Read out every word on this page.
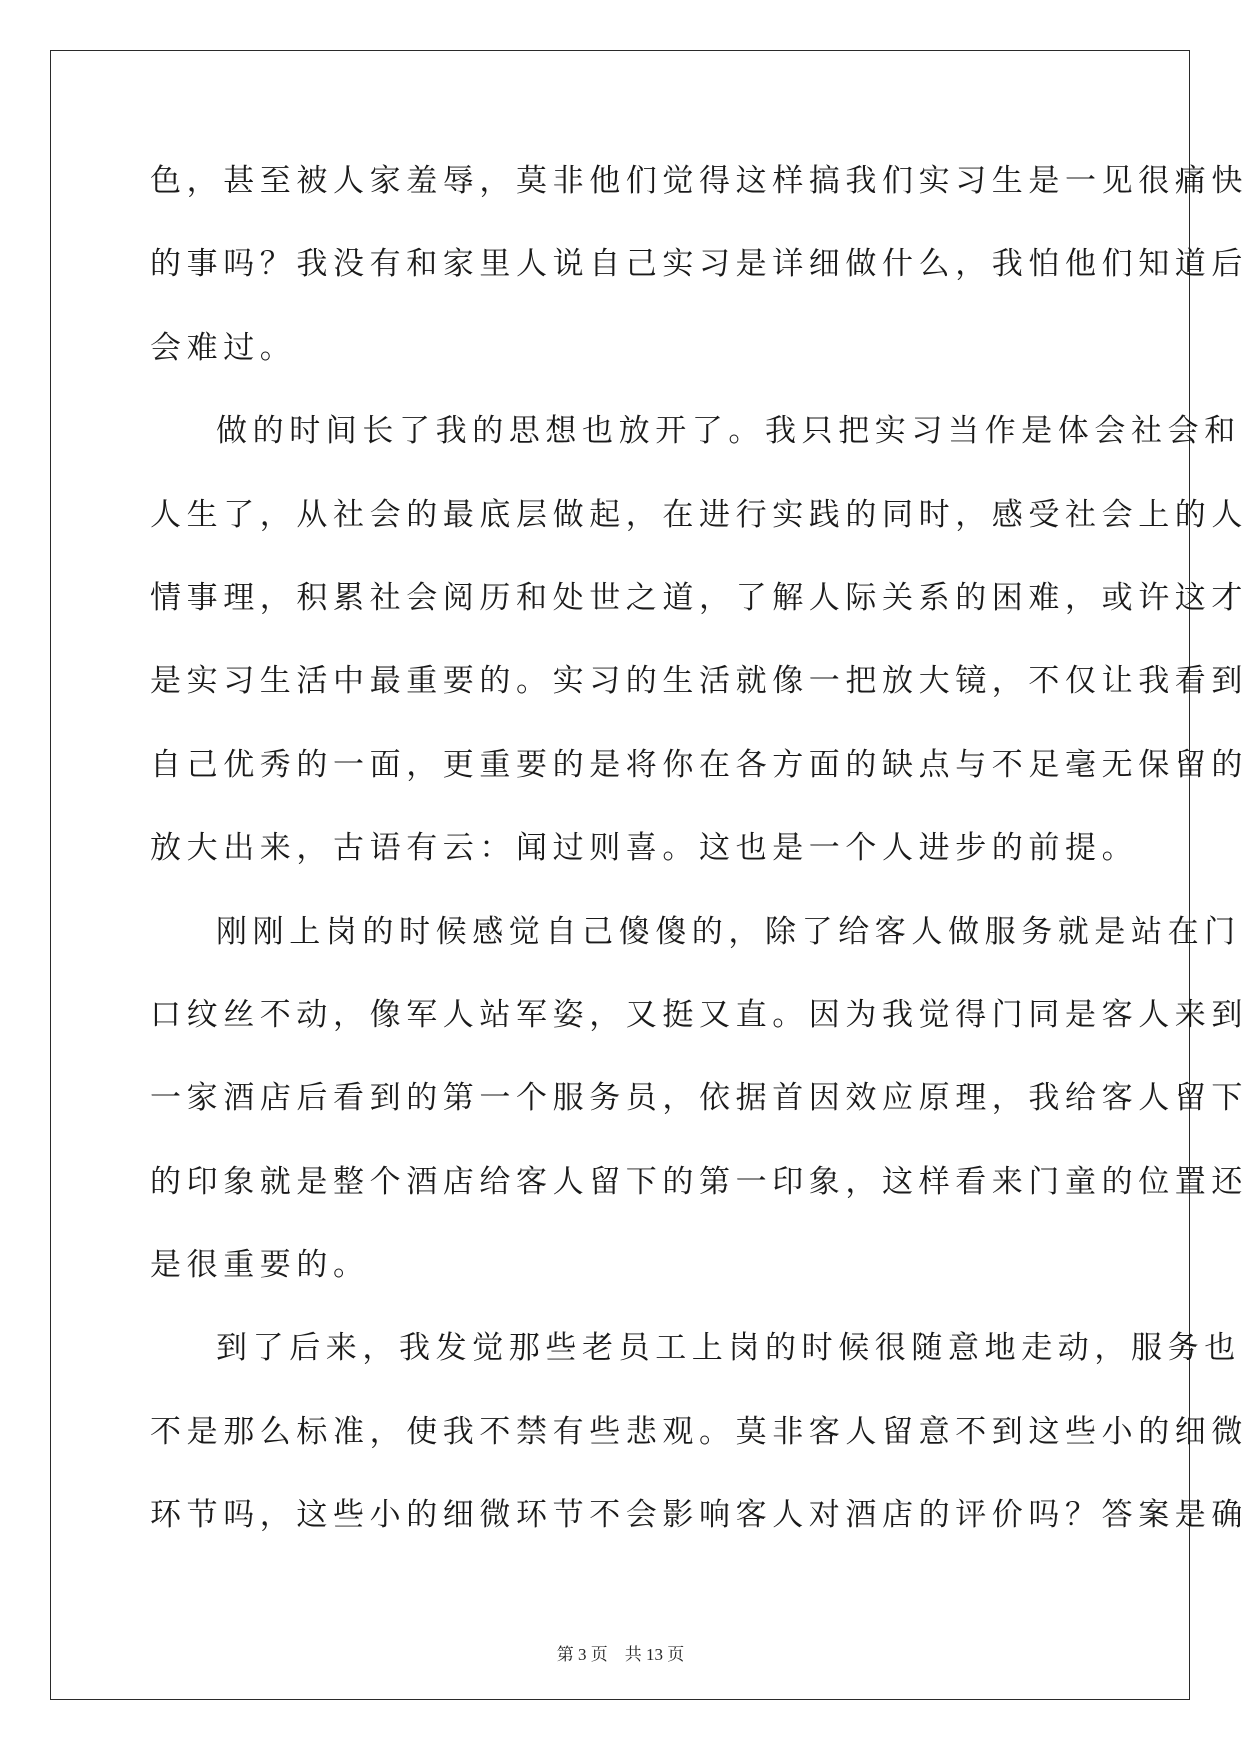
色，甚至被人家羞辱，莫非他们觉得这样搞我们实习生是一见很痛快
的事吗？我没有和家里人说自己实习是详细做什么，我怕他们知道后
会难过。
做的时间长了我的思想也放开了。我只把实习当作是体会社会和
人生了，从社会的最底层做起，在进行实践的同时，感受社会上的人
情事理，积累社会阅历和处世之道，了解人际关系的困难，或许这才
是实习生活中最重要的。实习的生活就像一把放大镜，不仅让我看到
自己优秀的一面，更重要的是将你在各方面的缺点与不足毫无保留的
放大出来，古语有云：闻过则喜。这也是一个人进步的前提。
刚刚上岗的时候感觉自己傻傻的，除了给客人做服务就是站在门
口纹丝不动，像军人站军姿，又挺又直。因为我觉得门同是客人来到
一家酒店后看到的第一个服务员，依据首因效应原理，我给客人留下
的印象就是整个酒店给客人留下的第一印象，这样看来门童的位置还
是很重要的。
到了后来，我发觉那些老员工上岗的时候很随意地走动，服务也
不是那么标准，使我不禁有些悲观。莫非客人留意不到这些小的细微
环节吗，这些小的细微环节不会影响客人对酒店的评价吗？答案是确
第 3 页 共 13 页
